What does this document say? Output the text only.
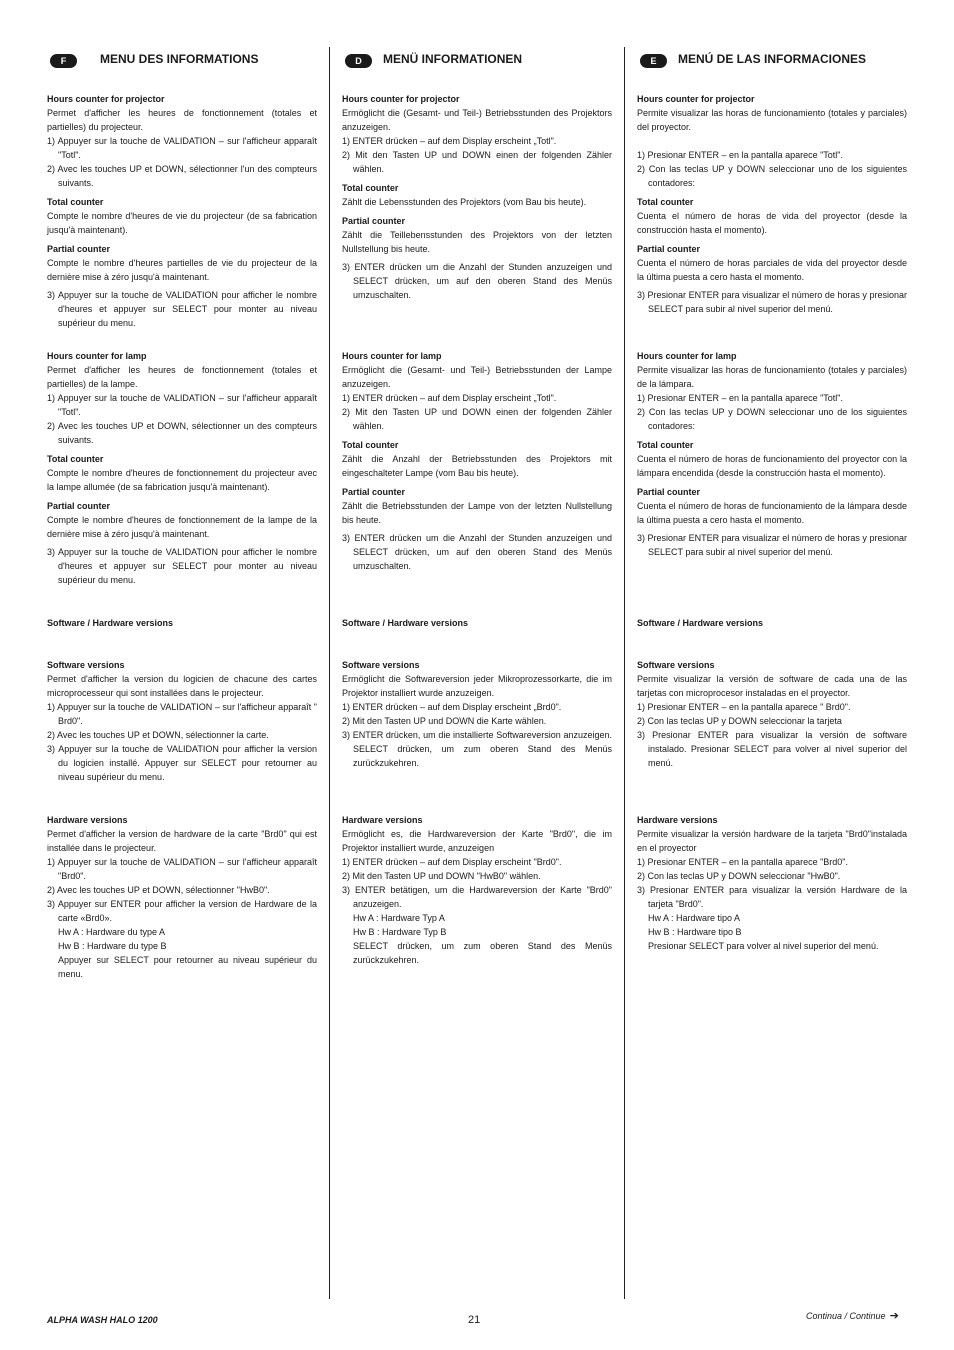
F	MENU DES INFORMATIONS

Hours counter for projector

Permet d'afficher les heures de fonctionnement (totales et partielles) du projecteur.

1) Appuyer sur la touche de VALIDATION – sur l'afficheur apparaît "Totl".

2) Avec les touches UP et DOWN, sélectionner l'un des compteurs suivants.

Total counter

Compte le nombre d'heures de vie du projecteur (de sa fabrication jusqu'à maintenant).

Partial counter

Compte le nombre d'heures partielles de vie du projecteur de la dernière mise à zéro jusqu'à maintenant.

3) Appuyer sur la touche de VALIDATION pour afficher le nombre d'heures et appuyer sur SELECT pour monter au niveau supérieur du menu.

Hours counter for lamp

Permet d'afficher les heures de fonctionnement (totales et partielles) de la lampe.

1) Appuyer sur la touche de VALIDATION – sur l'afficheur apparaît "Totl".

2) Avec les touches UP et DOWN, sélectionner un des compteurs suivants.

Total counter

Compte le nombre d'heures de fonctionnement du projecteur avec la lampe allumée (de sa fabrication jusqu'à maintenant).

Partial counter

Compte le nombre d'heures de fonctionnement de la lampe de la dernière mise à zéro jusqu'à maintenant.

3) Appuyer sur la touche de VALIDATION pour afficher le nombre d'heures et appuyer sur SELECT pour monter au niveau supérieur du menu.

Software / Hardware versions

Software versions

Permet d'afficher la version du logicien de chacune des cartes microprocesseur qui sont installées dans le projecteur.

1) Appuyer sur la touche de VALIDATION – sur l'afficheur apparaît " Brd0".

2) Avec les touches UP et DOWN, sélectionner la carte.

3) Appuyer sur la touche de VALIDATION pour afficher la version du logicien installé. Appuyer sur SELECT pour retourner au niveau supérieur du menu.

Hardware versions

Permet d'afficher la version de hardware de la carte "Brd0" qui est installée dans le projecteur.

1) Appuyer sur la touche de VALIDATION – sur l'afficheur apparaît "Brd0".

2) Avec les touches UP et DOWN, sélectionner "HwB0".

3) Appuyer sur ENTER pour afficher la version de Hardware de la carte «Brd0».

Hw A : Hardware du type A

Hw B : Hardware du type B

Appuyer sur SELECT pour retourner au niveau supérieur du menu.

D	MENÜ INFORMATIONEN

Hours counter for projector

Ermöglicht die (Gesamt- und Teil-) Betriebsstunden des Projektors anzuzeigen.

1) ENTER drücken – auf dem Display erscheint „Totl".

2) Mit den Tasten UP und DOWN einen der folgenden Zähler wählen.

Total counter

Zählt die Lebensstunden des Projektors (vom Bau bis heute).

Partial counter

Zählt die Teillebensstunden des Projektors von der letzten Nullstellung bis heute.

3) ENTER drücken um die Anzahl der Stunden anzuzeigen und SELECT drücken, um auf den oberen Stand des Menüs umzuschalten.

Hours counter for lamp

Ermöglicht die (Gesamt- und Teil-) Betriebsstunden der Lampe anzuzeigen.

1) ENTER drücken – auf dem Display erscheint „Totl".

2) Mit den Tasten UP und DOWN einen der folgenden Zähler wählen.

Total counter

Zählt die Anzahl der Betriebsstunden des Projektors mit eingeschalteter Lampe (vom Bau bis heute).

Partial counter

Zählt die Betriebsstunden der Lampe von der letzten Nullstellung bis heute.

3) ENTER drücken um die Anzahl der Stunden anzuzeigen und SELECT drücken, um auf den oberen Stand des Menüs umzuschalten.

Software / Hardware versions

Software versions

Ermöglicht die Softwareversion jeder Mikroprozessorkarte, die im Projektor installiert wurde anzuzeigen.

1) ENTER drücken – auf dem Display erscheint „Brd0".

2) Mit den Tasten UP und DOWN die Karte wählen.

3) ENTER drücken, um die installierte Softwareversion anzuzeigen. SELECT drücken, um zum oberen Stand des Menüs zurückzukehren.

Hardware versions

Ermöglicht es, die Hardwareversion der Karte "Brd0", die im Projektor installiert wurde, anzuzeigen

1) ENTER drücken – auf dem Display erscheint "Brd0".

2) Mit den Tasten UP und DOWN "HwB0" wählen.

3) ENTER betätigen, um die Hardwareversion der Karte "Brd0" anzuzeigen.

Hw A : Hardware Typ A

Hw B : Hardware Typ B

SELECT drücken, um zum oberen Stand des Menüs zurückzukehren.

E	MENÚ DE LAS INFORMACIONES

Hours counter for projector

Permite visualizar las horas de funcionamiento (totales y parciales) del proyector.

1) Presionar ENTER – en la pantalla aparece "Totl".

2) Con las teclas UP y DOWN seleccionar uno de los siguientes contadores:

Total counter

Cuenta el número de horas de vida del proyector (desde la construcción hasta el momento).

Partial counter

Cuenta el número de horas parciales de vida del proyector desde la última puesta a cero hasta el momento.

3) Presionar ENTER para visualizar el número de horas y presionar SELECT para subir al nivel superior del menú.

Hours counter for lamp

Permite visualizar las horas de funcionamiento (totales y parciales) de la lámpara.

1) Presionar ENTER – en la pantalla aparece "Totl".

2) Con las teclas UP y DOWN seleccionar uno de los siguientes contadores:

Total counter

Cuenta el número de horas de funcionamiento del proyector con la lámpara encendida (desde la construcción hasta el momento).

Partial counter

Cuenta el número de horas de funcionamiento de la lámpara desde la última puesta a cero hasta el momento.

3) Presionar ENTER para visualizar el número de horas y presionar SELECT para subir al nivel superior del menú.

Software / Hardware versions

Software versions

Permite visualizar la versión de software de cada una de las tarjetas con microprocesor instaladas en el proyector.

1) Presionar ENTER – en la pantalla aparece " Brd0".

2) Con las teclas UP y DOWN seleccionar la tarjeta

3) Presionar ENTER para visualizar la versión de software instalado. Presionar SELECT para volver al nivel superior del menú.

Hardware versions

Permite visualizar la versión hardware de la tarjeta "Brd0"instalada en el proyector

1) Presionar ENTER – en la pantalla aparece "Brd0".

2) Con las teclas UP y DOWN seleccionar "HwB0".

3) Presionar ENTER para visualizar la versión Hardware de la tarjeta "Brd0".

Hw A : Hardware tipo A

Hw B : Hardware tipo B

Presionar SELECT para volver al nivel superior del menú.

ALPHA WASH HALO 1200	21	Continua / Continue ➔
